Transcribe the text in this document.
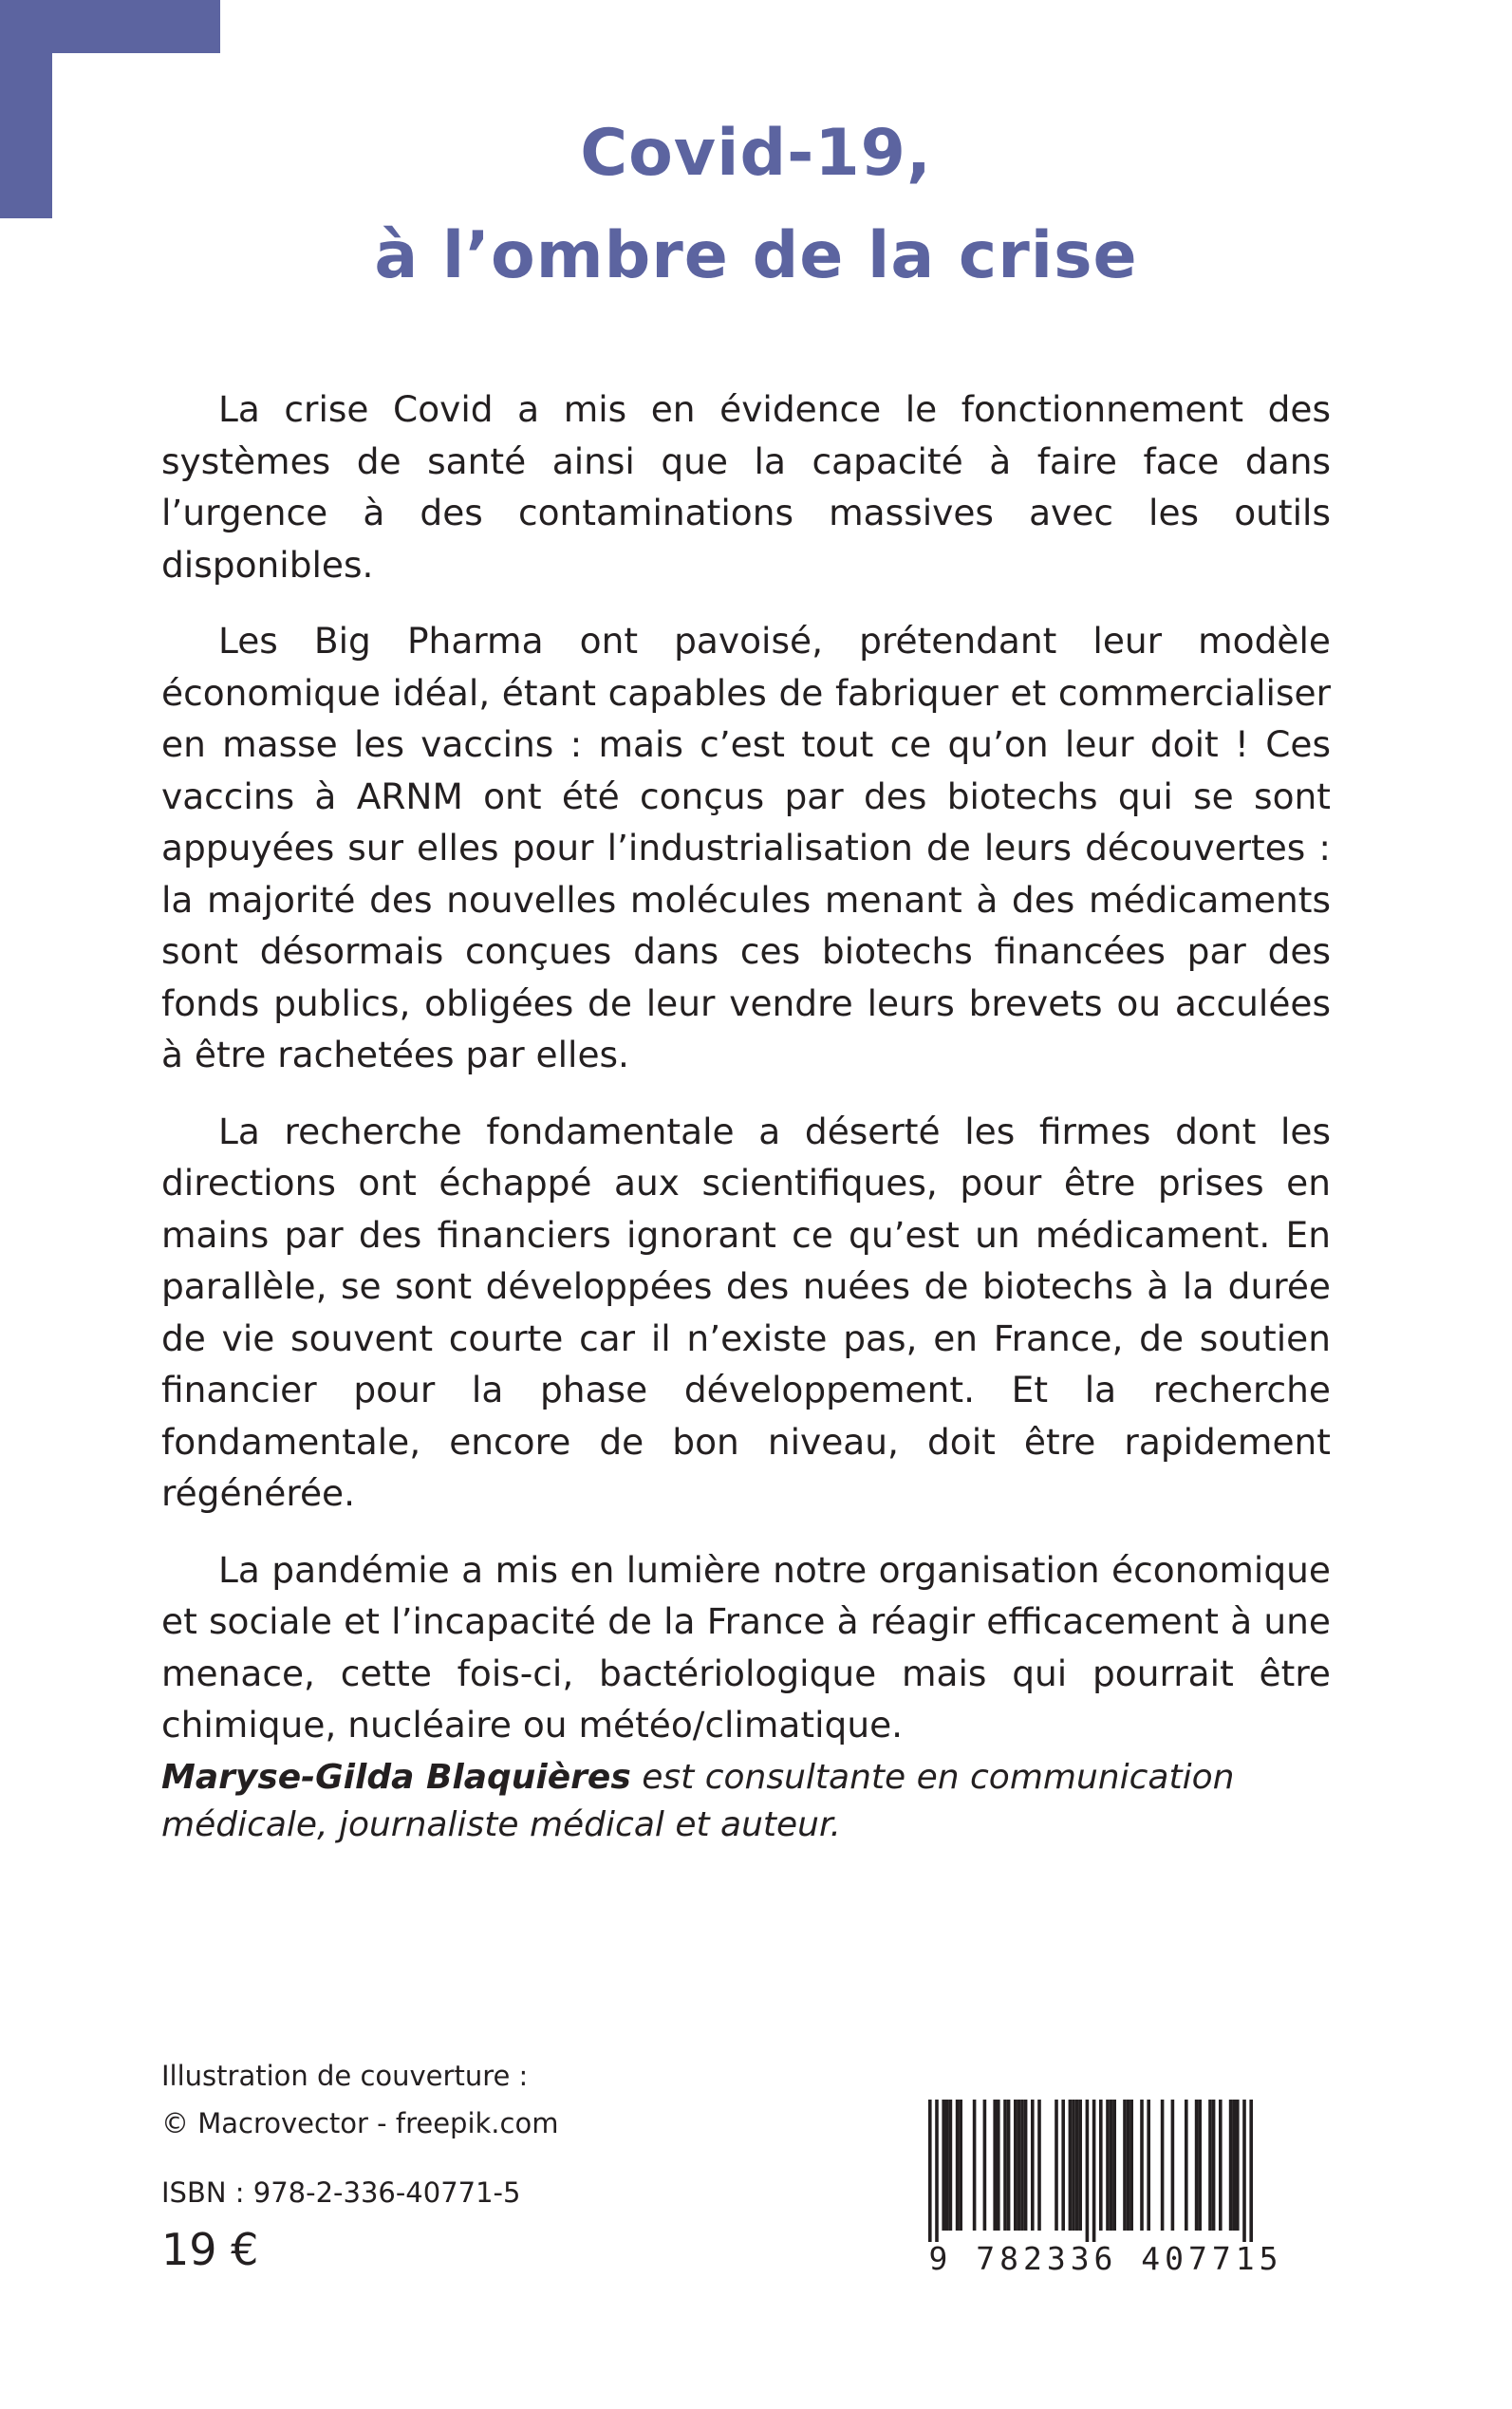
Covid-19,
à l’ombre de la crise

La crise Covid a mis en évidence le fonctionnement des systèmes de santé ainsi que la capacité à faire face dans l’urgence à des contaminations massives avec les outils disponibles.

Les Big Pharma ont pavoisé, prétendant leur modèle économique idéal, étant capables de fabriquer et commercialiser en masse les vaccins : mais c’est tout ce qu’on leur doit ! Ces vaccins à ARNM ont été conçus par des biotechs qui se sont appuyées sur elles pour l’industrialisation de leurs découvertes : la majorité des nouvelles molécules menant à des médicaments sont désormais conçues dans ces biotechs financées par des fonds publics, obligées de leur vendre leurs brevets ou acculées à être rachetées par elles.

La recherche fondamentale a déserté les firmes dont les directions ont échappé aux scientifiques, pour être prises en mains par des financiers ignorant ce qu’est un médicament. En parallèle, se sont développées des nuées de biotechs à la durée de vie souvent courte car il n’existe pas, en France, de soutien financier pour la phase développement. Et la recherche fondamentale, encore de bon niveau, doit être rapidement régénérée.

La pandémie a mis en lumière notre organisation économique et sociale et l’incapacité de la France à réagir efficacement à une menace, cette fois-ci, bactériologique mais qui pourrait être chimique, nucléaire ou météo/climatique.

Maryse-Gilda Blaquières est consultante en communication médicale, journaliste médical et auteur.
Illustration de couverture :
© Macrovector - freepik.com
ISBN : 978-2-336-40771-5
19 €	9 782336 407715
